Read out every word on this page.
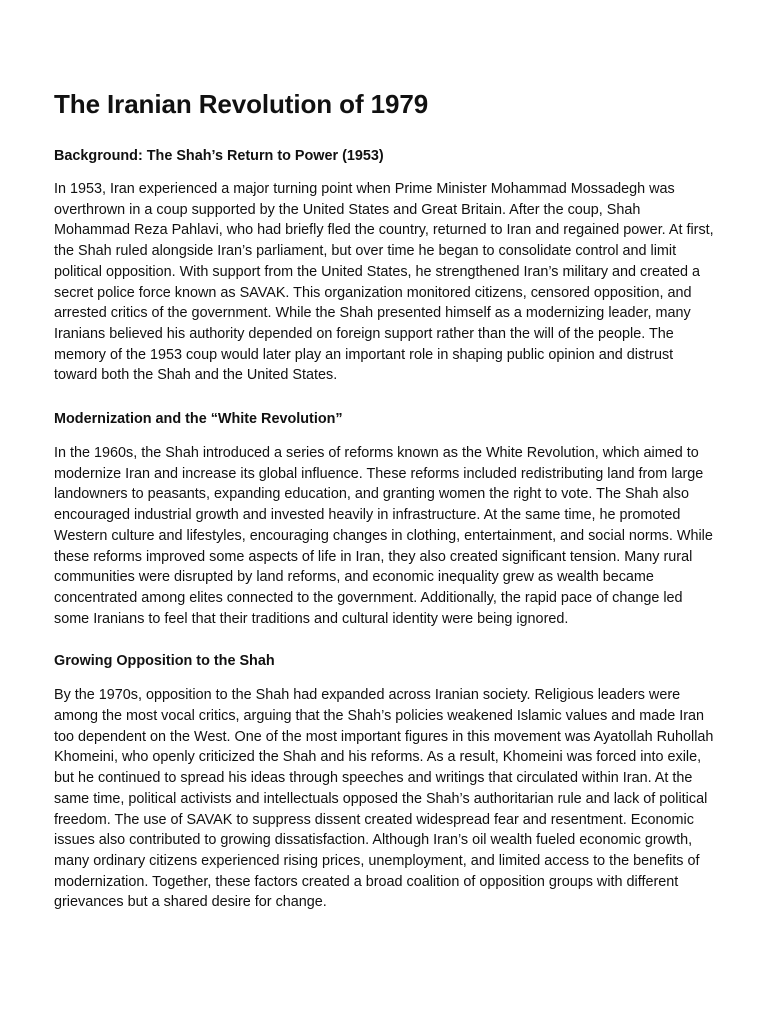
The Iranian Revolution of 1979
Background: The Shah’s Return to Power (1953)

In 1953, Iran experienced a major turning point when Prime Minister Mohammad Mossadegh was overthrown in a coup supported by the United States and Great Britain. After the coup, Shah Mohammad Reza Pahlavi, who had briefly fled the country, returned to Iran and regained power. At first, the Shah ruled alongside Iran’s parliament, but over time he began to consolidate control and limit political opposition. With support from the United States, he strengthened Iran’s military and created a secret police force known as SAVAK. This organization monitored citizens, censored opposition, and arrested critics of the government. While the Shah presented himself as a modernizing leader, many Iranians believed his authority depended on foreign support rather than the will of the people. The memory of the 1953 coup would later play an important role in shaping public opinion and distrust toward both the Shah and the United States.

Modernization and the “White Revolution”

In the 1960s, the Shah introduced a series of reforms known as the White Revolution, which aimed to modernize Iran and increase its global influence. These reforms included redistributing land from large landowners to peasants, expanding education, and granting women the right to vote. The Shah also encouraged industrial growth and invested heavily in infrastructure. At the same time, he promoted Western culture and lifestyles, encouraging changes in clothing, entertainment, and social norms. While these reforms improved some aspects of life in Iran, they also created significant tension. Many rural communities were disrupted by land reforms, and economic inequality grew as wealth became concentrated among elites connected to the government. Additionally, the rapid pace of change led some Iranians to feel that their traditions and cultural identity were being ignored.

Growing Opposition to the Shah

By the 1970s, opposition to the Shah had expanded across Iranian society. Religious leaders were among the most vocal critics, arguing that the Shah’s policies weakened Islamic values and made Iran too dependent on the West. One of the most important figures in this movement was Ayatollah Ruhollah Khomeini, who openly criticized the Shah and his reforms. As a result, Khomeini was forced into exile, but he continued to spread his ideas through speeches and writings that circulated within Iran. At the same time, political activists and intellectuals opposed the Shah’s authoritarian rule and lack of political freedom. The use of SAVAK to suppress dissent created widespread fear and resentment. Economic issues also contributed to growing dissatisfaction. Although Iran’s oil wealth fueled economic growth, many ordinary citizens experienced rising prices, unemployment, and limited access to the benefits of modernization. Together, these factors created a broad coalition of opposition groups with different grievances but a shared desire for change.
